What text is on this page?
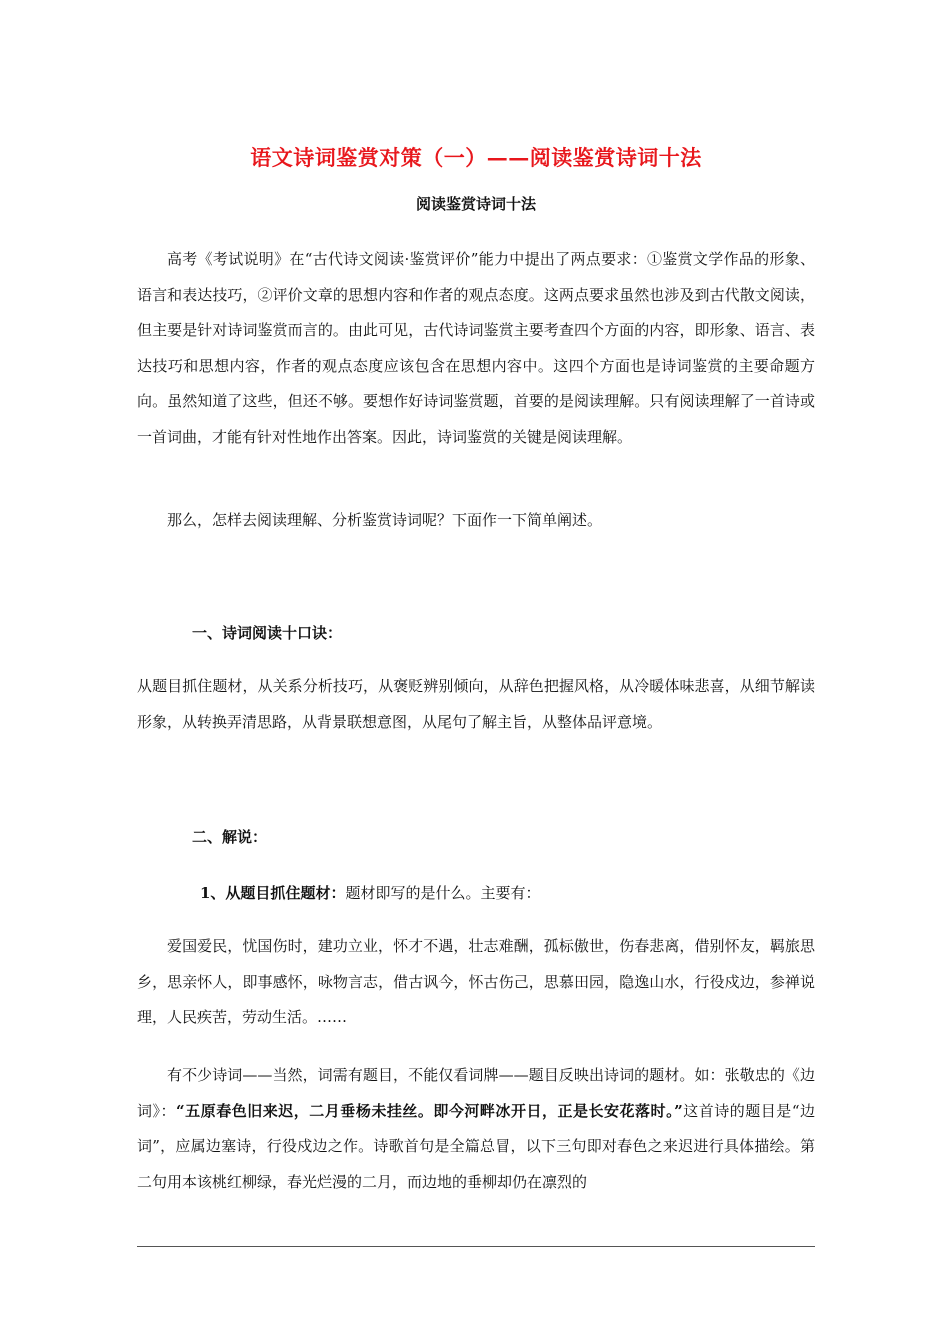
语文诗词鉴赏对策（一）——阅读鉴赏诗词十法
阅读鉴赏诗词十法

高考《考试说明》在“古代诗文阅读·鉴赏评价”能力中提出了两点要求：①鉴赏文学作品的形象、语言和表达技巧，②评价文章的思想内容和作者的观点态度。这两点要求虽然也涉及到古代散文阅读，但主要是针对诗词鉴赏而言的。由此可见，古代诗词鉴赏主要考查四个方面的内容，即形象、语言、表达技巧和思想内容，作者的观点态度应该包含在思想内容中。这四个方面也是诗词鉴赏的主要命题方向。虽然知道了这些，但还不够。要想作好诗词鉴赏题，首要的是阅读理解。只有阅读理解了一首诗或一首词曲，才能有针对性地作出答案。因此，诗词鉴赏的关键是阅读理解。

那么，怎样去阅读理解、分析鉴赏诗词呢？下面作一下简单阐述。

一、诗词阅读十口诀：

从题目抓住题材，从关系分析技巧，从褒贬辨别倾向，从辞色把握风格，从冷暖体味悲喜，从细节解读形象，从转换弄清思路，从背景联想意图，从尾句了解主旨，从整体品评意境。

二、解说：
1、从题目抓住题材：题材即写的是什么。主要有：

爱国爱民，忧国伤时，建功立业，怀才不遇，壮志难酬，孤标傲世，伤春悲离，借别怀友，羁旅思乡，思亲怀人，即事感怀，咏物言志，借古讽今，怀古伤己，思慕田园，隐逸山水，行役戍边，参禅说理，人民疾苦，劳动生活。……

有不少诗词——当然，词需有题目，不能仅看词牌——题目反映出诗词的题材。如：张敬忠的《边词》：“五原春色旧来迟，二月垂杨未挂丝。即今河畔冰开日，正是长安花落时。”这首诗的题目是“边词”，应属边塞诗，行役戍边之作。诗歌首句是全篇总冒，以下三句即对春色之来迟进行具体描绘。第二句用本该桃红柳绿，春光烂漫的二月，而边地的垂柳却仍在凛烈的
